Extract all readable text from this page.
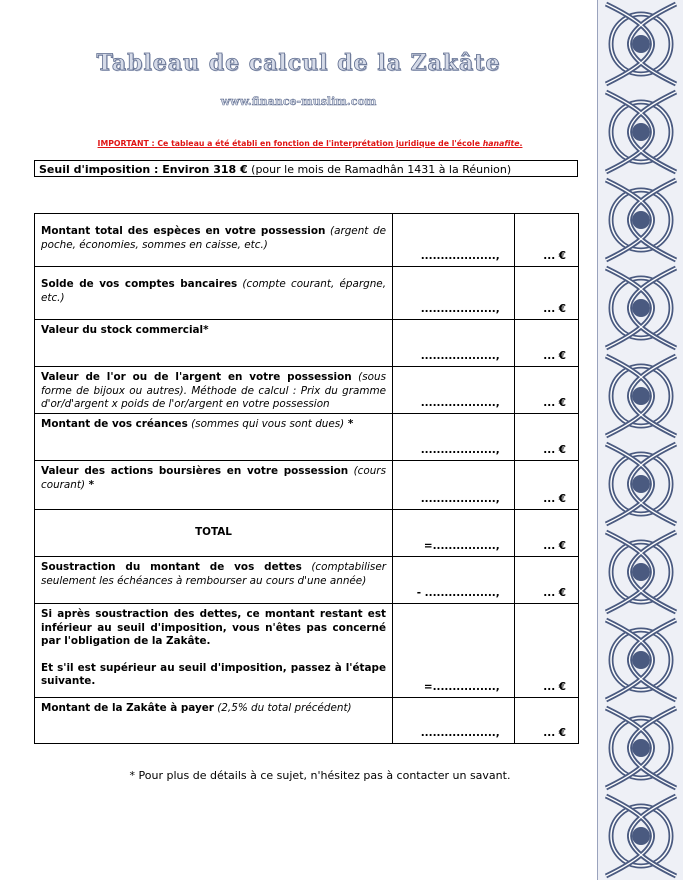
Tableau de calcul de la Zakâte
www.finance-muslim.com
IMPORTANT : Ce tableau a été établi en fonction de l'interprétation juridique de l'école hanafite.
Seuil d'imposition : Environ 318 € (pour le mois de Ramadhân 1431 à la Réunion)
Montant total des espèces en votre possession (argent de poche, économies, sommes en caisse, etc.)	...................,	... €
Solde de vos comptes bancaires (compte courant, épargne, etc.)	...................,	... €
Valeur du stock commercial*	...................,	... €
Valeur de l'or ou de l'argent en votre possession (sous forme de bijoux ou autres). Méthode de calcul : Prix du gramme d'or/d'argent x poids de l'or/argent en votre possession	...................,	... €
Montant de vos créances (sommes qui vous sont dues) *	...................,	... €
Valeur des actions boursières en votre possession (cours courant) *	...................,	... €
TOTAL	=................,	... €
Soustraction du montant de vos dettes (comptabiliser seulement les échéances à rembourser au cours d'une année)	- ..................,	... €

Si après soustraction des dettes, ce montant restant est inférieur au seuil d'imposition, vous n'êtes pas concerné par l'obligation de la Zakâte.
Et s'il est supérieur au seuil d'imposition, passez à l'étape suivante.	=................,	... €
Montant de la Zakâte à payer (2,5% du total précédent)	...................,	... €
* Pour plus de détails à ce sujet, n'hésitez pas à contacter un savant.
